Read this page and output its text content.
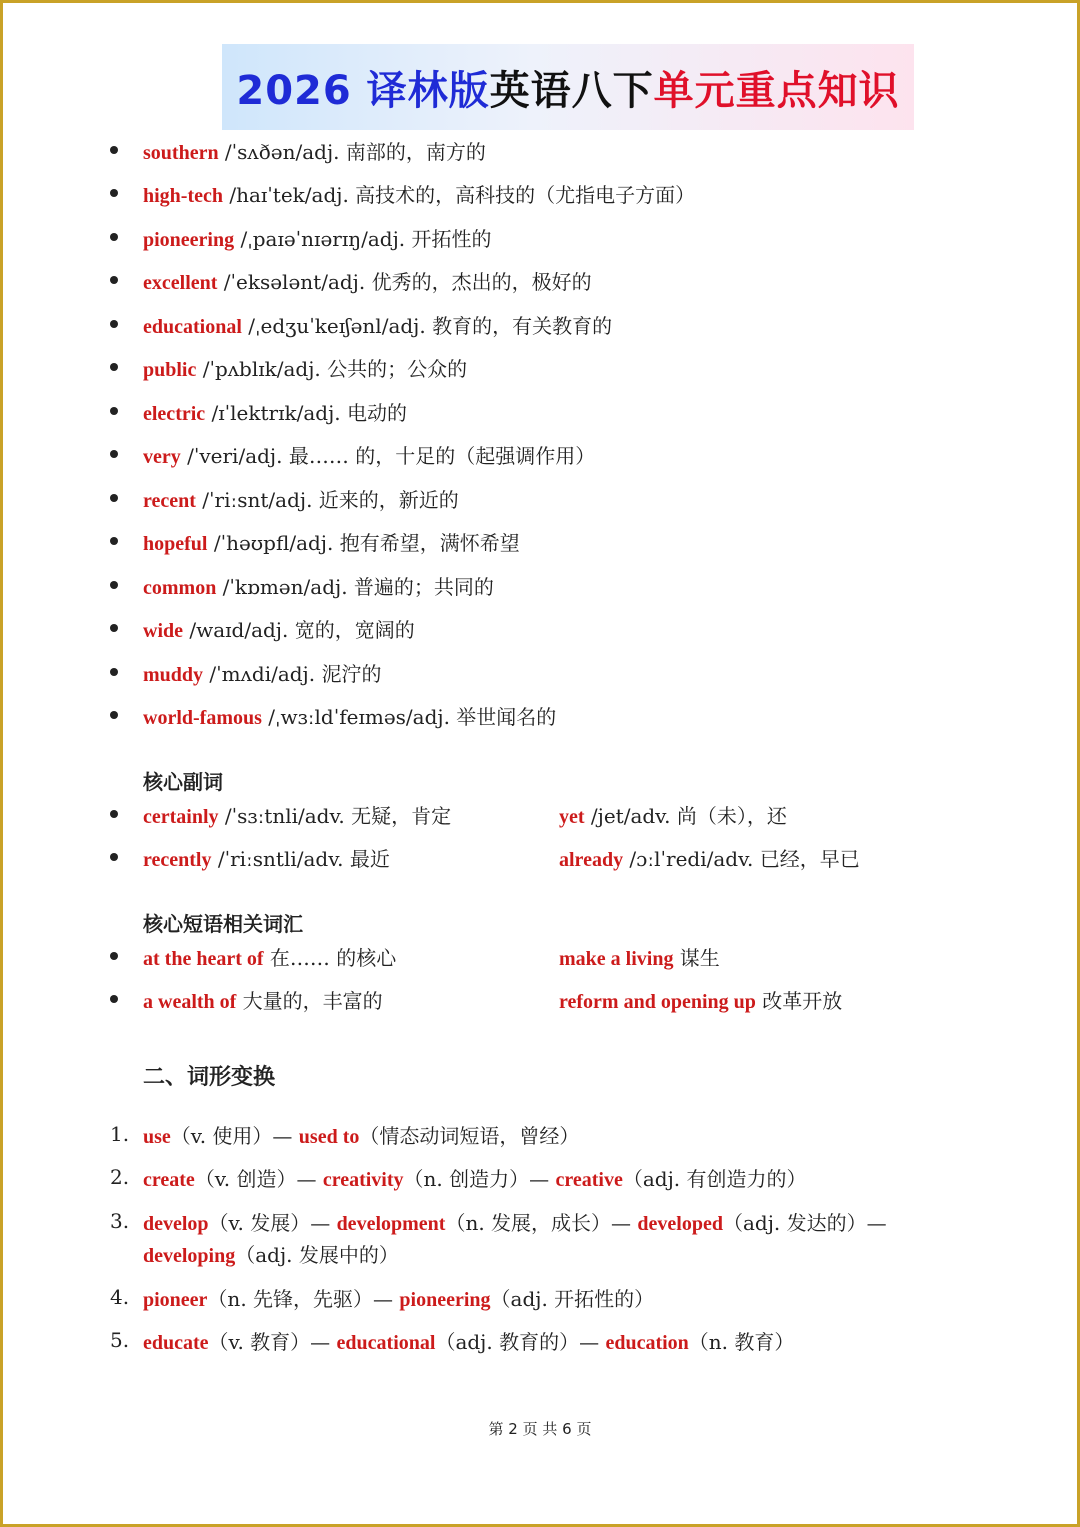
2026 译林版 英语八下 单元重点知识
southern /ˈsʌðən/adj. 南部的，南方的
high-tech /haɪˈtek/adj. 高技术的，高科技的（尤指电子方面）
pioneering /ˌpaɪəˈnɪərɪŋ/adj. 开拓性的
excellent /ˈeksələnt/adj. 优秀的，杰出的，极好的
educational /ˌedʒuˈkeɪʃənl/adj. 教育的，有关教育的
public /ˈpʌblɪk/adj. 公共的；公众的
electric /ɪˈlektrɪk/adj. 电动的
very /ˈveri/adj. 最…… 的，十足的（起强调作用）
recent /ˈriːsnt/adj. 近来的，新近的
hopeful /ˈhəʊpfl/adj. 抱有希望，满怀希望
common /ˈkɒmən/adj. 普遍的；共同的
wide /waɪd/adj. 宽的，宽阔的
muddy /ˈmʌdi/adj. 泥泞的
world-famous /ˌwɜːldˈfeɪməs/adj. 举世闻名的
核心副词
certainly /ˈsɜːtnli/adv. 无疑，肯定	yet /jet/adv. 尚（未），还
recently /ˈriːsntli/adv. 最近	already /ɔːlˈredi/adv. 已经，早已
核心短语相关词汇
at the heart of 在…… 的核心	make a living 谋生
a wealth of 大量的，丰富的	reform and opening up 改革开放
二、词形变换
1. use（v. 使用）— used to（情态动词短语，曾经）
2. create（v. 创造）— creativity（n. 创造力）— creative（adj. 有创造力的）
3. develop（v. 发展）— development（n. 发展，成长）— developed（adj. 发达的）—
developing（adj. 发展中的）
4. pioneer（n. 先锋，先驱）— pioneering（adj. 开拓性的）
5. educate（v. 教育）— educational（adj. 教育的）— education（n. 教育）
第 2 页 共 6 页
